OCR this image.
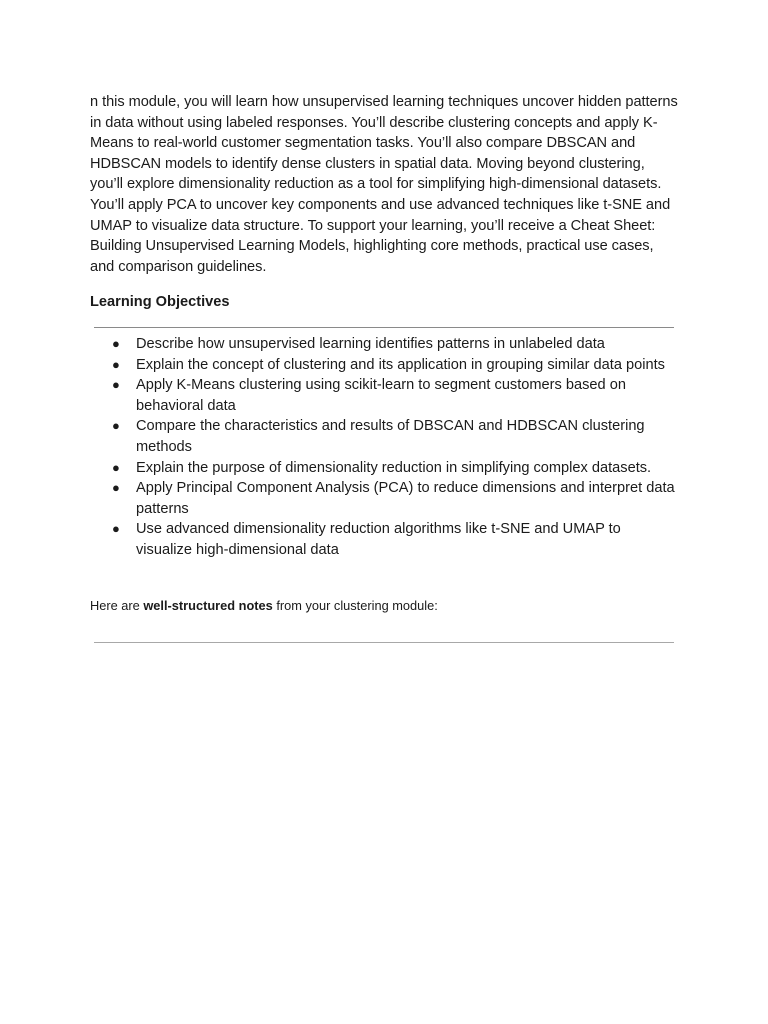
n this module, you will learn how unsupervised learning techniques uncover hidden patterns in data without using labeled responses. You’ll describe clustering concepts and apply K-Means to real-world customer segmentation tasks. You’ll also compare DBSCAN and HDBSCAN models to identify dense clusters in spatial data. Moving beyond clustering, you’ll explore dimensionality reduction as a tool for simplifying high-dimensional datasets. You’ll apply PCA to uncover key components and use advanced techniques like t-SNE and UMAP to visualize data structure. To support your learning, you’ll receive a Cheat Sheet: Building Unsupervised Learning Models, highlighting core methods, practical use cases, and comparison guidelines.

Learning Objectives
● Describe how unsupervised learning identifies patterns in unlabeled data
● Explain the concept of clustering and its application in grouping similar data points
● Apply K-Means clustering using scikit-learn to segment customers based on behavioral data
● Compare the characteristics and results of DBSCAN and HDBSCAN clustering methods
● Explain the purpose of dimensionality reduction in simplifying complex datasets.
● Apply Principal Component Analysis (PCA) to reduce dimensions and interpret data patterns
● Use advanced dimensionality reduction algorithms like t-SNE and UMAP to visualize high-dimensional data

Here are well-structured notes from your clustering module:
